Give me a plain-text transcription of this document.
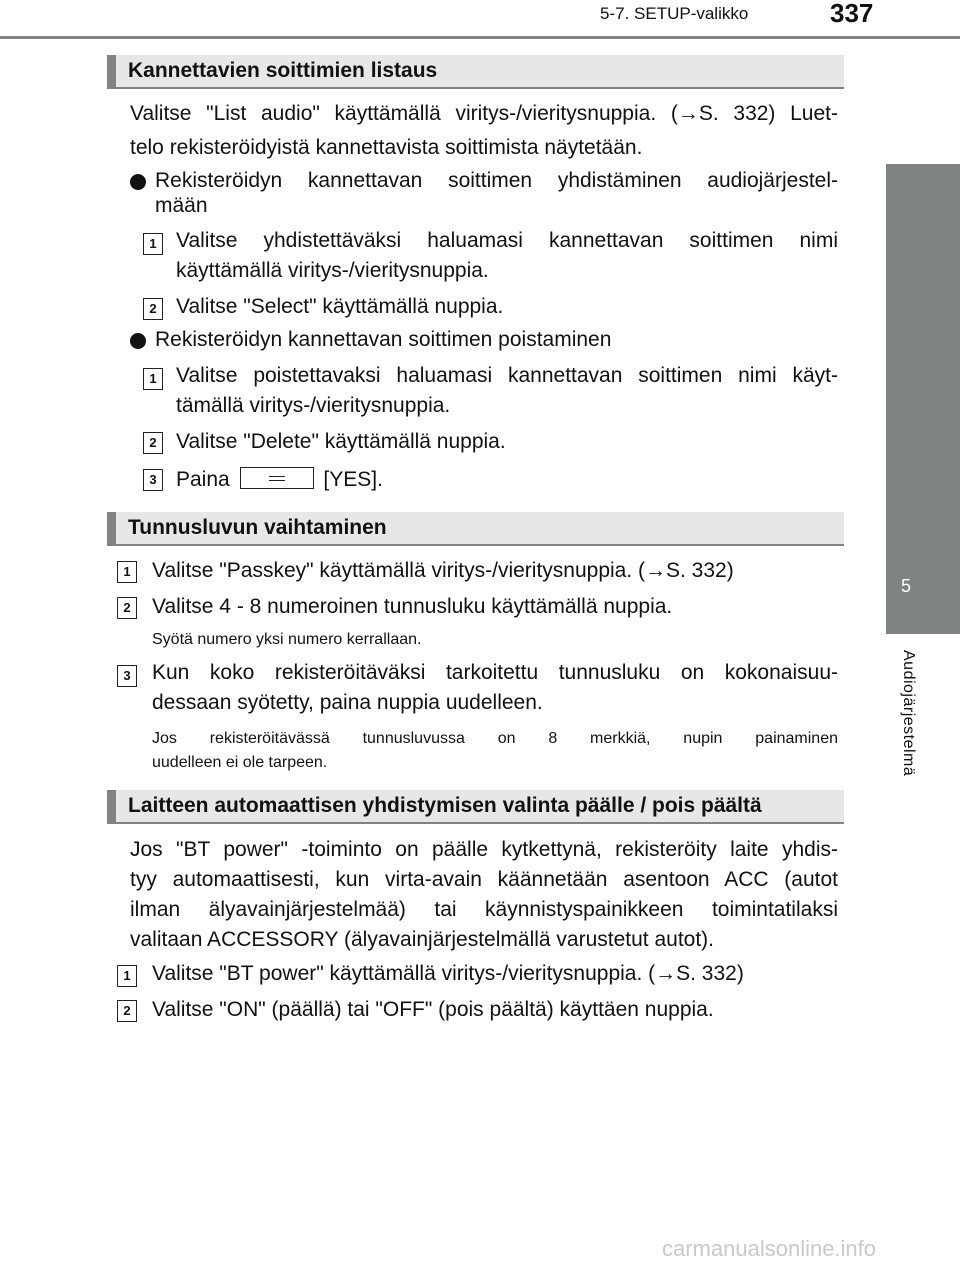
5-7. SETUP-valikko	337
5
Audiojärjestelmä
Kannettavien soittimien listaus
Valitse "List audio" käyttämällä viritys-/vieritysnuppia. (→S. 332) Luet-
telo rekisteröidyistä kannettavista soittimista näytetään.
Rekisteröidyn kannettavan soittimen yhdistäminen audiojärjestel-
mään
1 Valitse yhdistettäväksi haluamasi kannettavan soittimen nimi
käyttämällä viritys-/vieritysnuppia.
2 Valitse "Select" käyttämällä nuppia.
Rekisteröidyn kannettavan soittimen poistaminen
1 Valitse poistettavaksi haluamasi kannettavan soittimen nimi käyt-
tämällä viritys-/vieritysnuppia.
2 Valitse "Delete" käyttämällä nuppia.
3 Paina	[YES].
Tunnusluvun vaihtaminen
1	Valitse "Passkey" käyttämällä viritys-/vieritysnuppia. (→S. 332)
2	Valitse 4 - 8 numeroinen tunnusluku käyttämällä nuppia.
Syötä numero yksi numero kerrallaan.
3	Kun koko rekisteröitäväksi tarkoitettu tunnusluku on kokonaisuu-
dessaan syötetty, paina nuppia uudelleen.
Jos rekisteröitävässä tunnusluvussa on 8 merkkiä, nupin painaminen
uudelleen ei ole tarpeen.
Laitteen automaattisen yhdistymisen valinta päälle / pois päältä
Jos "BT power" -toiminto on päälle kytkettynä, rekisteröity laite yhdis-
tyy automaattisesti, kun virta-avain käännetään asentoon ACC (autot
ilman älyavainjärjestelmää) tai käynnistyspainikkeen toimintatilaksi
valitaan ACCESSORY (älyavainjärjestelmällä varustetut autot).
1	Valitse "BT power" käyttämällä viritys-/vieritysnuppia. (→S. 332)
2	Valitse "ON" (päällä) tai "OFF" (pois päältä) käyttäen nuppia.
carmanualsonline.info
